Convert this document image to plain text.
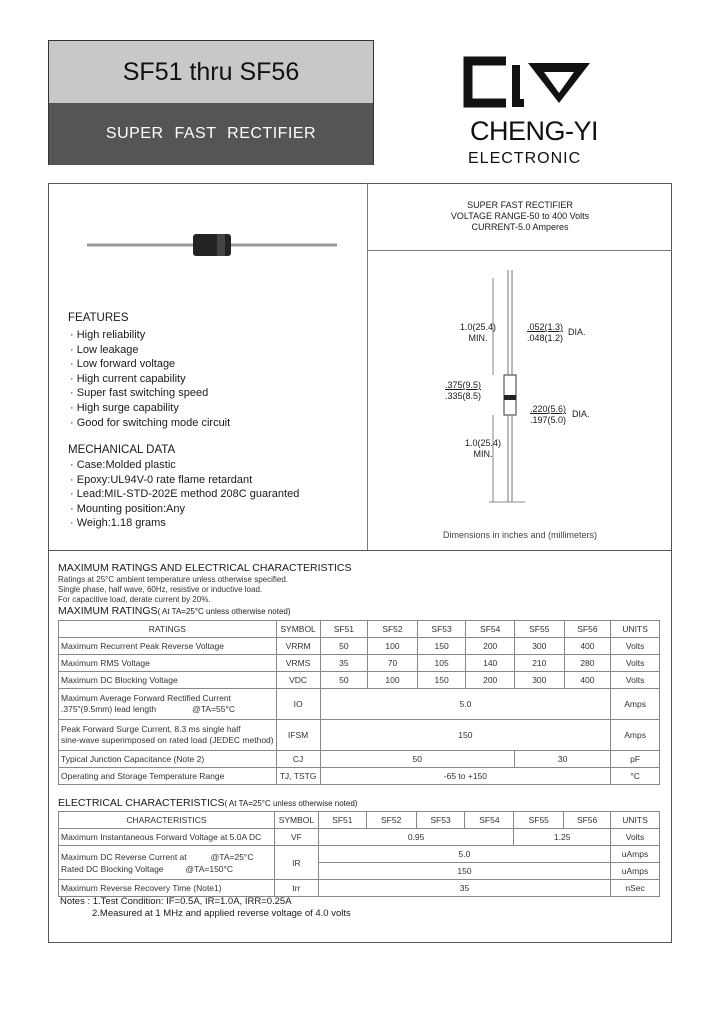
SF51 thru SF56
SUPER FAST RECTIFIER	CHENG-YI
ELECTRONIC
FEATURES
· High reliability
· Low leakage
· Low forward voltage
· High current capability
· Super fast switching speed
· High surge capability
· Good for switching mode circuit
MECHANICAL DATA
· Case:Molded plastic
· Epoxy:UL94V-0 rate flame retardant
· Lead:MIL-STD-202E method 208C guaranted
· Mounting position:Any
· Weigh:1.18 grams
SUPER FAST RECTIFIER
VOLTAGE RANGE-50 to 400 Volts
CURRENT-5.0 Amperes
1.0(25.4)
MIN.
.052(1.3)
.048(1.2)
DIA.
.375(9.5)
.335(8.5)
.220(5.6)
.197(5.0)
DIA.
1.0(25.4)
MIN.
Dimensions in inches and (millimeters)
MAXIMUM RATINGS AND ELECTRICAL CHARACTERISTICS
Ratings at 25°C ambient temperature unless otherwise specified.
Single phase, half wave, 60Hz, resistive or inductive load.
For capacitive load, derate current by 20%.
MAXIMUM RATINGS( At TA=25°C unless otherwise noted)
RATINGS	SYMBOL	SF51	SF52	SF53	SF54	SF55	SF56	UNITS
Maximum Recurrent Peak Reverse Voltage	VRRM	50	100	150	200	300	400	Volts
Maximum RMS Voltage	VRMS	35	70	105	140	210	280	Volts
Maximum DC Blocking Voltage	VDC	50	100	150	200	300	400	Volts

Maximum Average Forward Rectified Current
.375"(9.5mm) lead length @TA=55°C	IO	5.0						Amps

Peak Forward Surge Current, 8.3 ms single half
sine-wave superimposed on rated load (JEDEC method)	IFSM	150						Amps
Typical Junction Capacitance (Note 2)	CJ	50				30		pF
Operating and Storage Temperature Range	TJ, TSTG	-65 to +150						°C
ELECTRICAL CHARACTERISTICS( At TA=25°C unless otherwise noted)
CHARACTERISTICS	SYMBOL	SF51	SF52	SF53	SF54	SF55	SF56	UNITS
Maximum Instantaneous Forward Voltage at 5.0A DC	VF	0.95				1.25		Volts

Maximum DC Reverse Current at @TA=25°C
Rated DC Blocking Voltage @TA=150°C	IR	5.0						uAmps
		150						uAmps
Maximum Reverse Recovery Time (Note1)	trr	35						nSec
Notes : 1.Test Condition: IF=0.5A, IR=1.0A, IRR=0.25A
2.Measured at 1 MHz and applied reverse voltage of 4.0 volts
